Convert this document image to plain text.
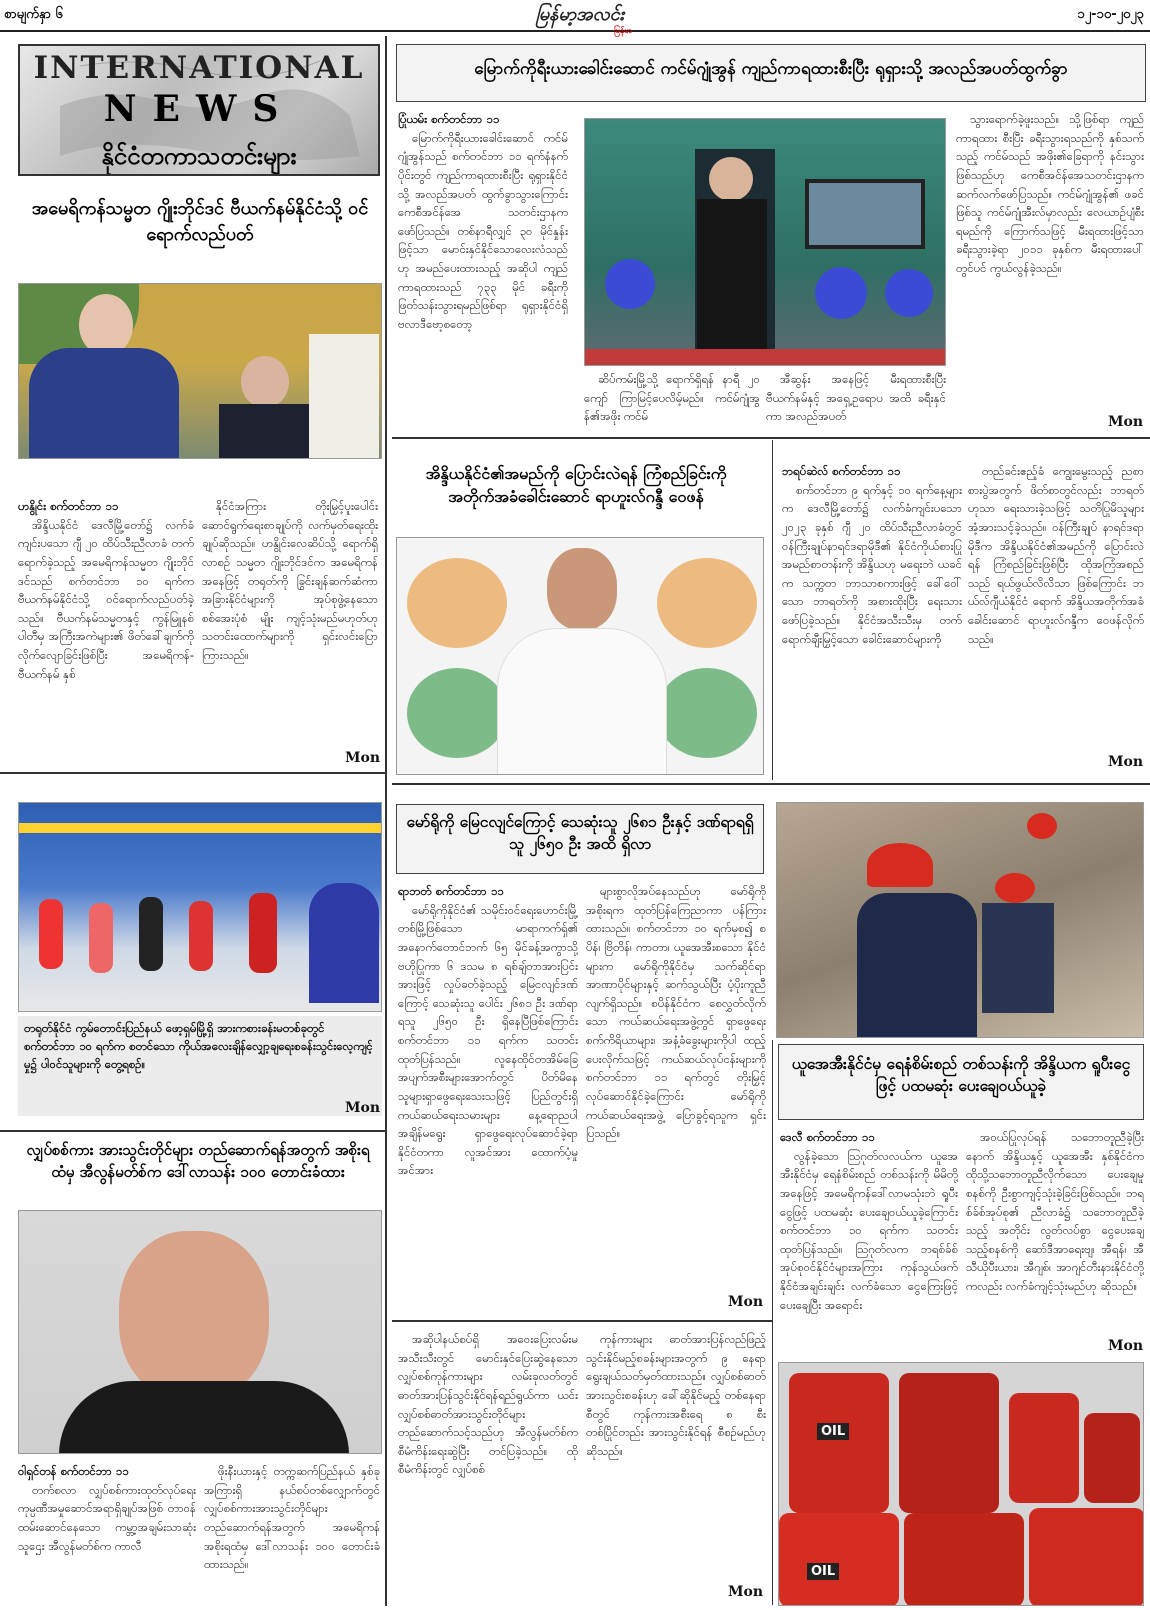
စာမျက်နှာ ၆	မြန်မာ့အလင်း
မြန်မာ
၁၂-၁၀-၂၀၂၃
INTERNATIONAL
NEWS
နိုင်ငံတကာသတင်းများ
မြောက်ကိုရီးယားခေါင်းဆောင် ကင်မ်ဂျုံအွန် ကျည်ကာရထားစီးပြီး ရုရှားသို့ အလည်အပတ်ထွက်ခွာ

ပြုံယမ်း စက်တင်ဘာ ၁၁

မြောက်ကိုရီးယားခေါင်းဆောင် ကင်မ်ဂျုံအွန်သည် စက်တင်ဘာ ၁၁ ရက်နံနက်ပိုင်းတွင် ကျည်ကာရထားစီးပြီး ရုရှားနိုင်ငံသို့ အလည်အပတ် ထွက်ခွာသွားကြောင်း ကေစီအင်န်အေ သတင်းဌာနက ဖော်ပြသည်။ တစ်နာရီလျှင် ၃၀ မိုင်နှုန်းဖြင့်သာ မောင်းနှင်နိုင်သောလေးလံသည်ဟု အမည်ပေးထားသည့် အဆိုပါ ကျည်ကာရထားသည် ၇၃၃ မိုင် ခရီးကို ဖြတ်သန်းသွားရမည်ဖြစ်ရာ ရုရှားနိုင်ငံရှိ ဗလာဒီဗော့စတော့

ဆိပ်ကမ်းမြို့သို့ ရောက်ရှိရန် နာရီ ၂၀ ကျော် ကြာမြင့်ပေလိမ့်မည်။ ကင်မ်ဂျုံအွန်၏အဖိုး ကင်မ်

အီဆွန်း အနေဖြင့် မီးရထားစီးပြီး ဗီယက်နမ်နှင့် အရှေ့ဥရောပ အထိ ခရီးနှင်ကာ အလည်အပတ်

သွားရောက်ခဲ့ဖူးသည်။ သို့ဖြစ်ရာ ကျည်ကာရထား စီးပြီး ခရီးသွားရသည်ကို နှစ်သက်သည့် ကင်မ်သည် အဖိုး၏ခြေရာကို နင်းသွားဖြစ်သည်ဟု ကေစီအင်န်အေသတင်းဌာနက ဆက်လက်ဖော်ပြသည်။ ကင်မ်ဂျုံအွန်၏ ဖခင်ဖြစ်သူ ကင်မ်ဂျုံအီးလ်မှာလည်း လေယာဉ်ပျံစီးရမည်ကို ကြောက်သဖြင့် မီးရထားဖြင့်သာ ခရီးသွားခဲ့ရာ ၂၀၁၁ ခုနှစ်က မီးရထားပေါ်တွင်ပင် ကွယ်လွန်ခဲ့သည်။

Mon
အမေရိကန်သမ္မတ ဂျိုးဘိုင်ဒင် ဗီယက်နမ်နိုင်ငံသို့ ဝင်ရောက်လည်ပတ်

ဟနွိုင်း စက်တင်ဘာ ၁၁

အိန္ဒိယနိုင်ငံ ဒေလီမြို့တော်၌ လက်ခံကျင်းပသော ဂျီ ၂၀ ထိပ်သီးညီလာခံ တက်ရောက်ခဲ့သည့် အမေရိကန်သမ္မတ ဂျိုးဘိုင်ဒင်သည် စက်တင်ဘာ ၁၀ ရက်က ဗီယက်နမ်နိုင်ငံသို့ ဝင်ရောက်လည်ပတ်ခဲ့သည်။ ဗီယက်နမ်သမ္မတနှင့် ကွန်မြူနစ်ပါတီမှ အကြီးအကဲများ၏ ဖိတ်ခေါ်ချက်ကို လိုက်လျောခြင်းဖြစ်ပြီး အမေရိကန်-ဗီယက်နမ် နှစ်

နိုင်ငံအကြား တိုးမြှင့်ပူးပေါင်းဆောင်ရွက်ရေးစာချုပ်ကို လက်မှတ်ရေးထိုးချုပ်ဆိုသည်။ ဟနွိုင်းလေဆိပ်သို့ ရောက်ရှိလာစဉ် သမ္မတ ဂျိုးဘိုင်ဒင်က အမေရိကန်အနေဖြင့် တရုတ်ကို ခြွင်းချန်ဆက်ဆံကာ အခြားနိုင်ငံများကို အုပ်စုဖွဲ့နေသော စစ်အေးပုံစံ မျိုး ကျင့်သုံးမည်မဟုတ်ဟု သတင်းထောက်များကို ရှင်းလင်းပြောကြားသည်။

Mon
အိန္ဒိယနိုင်ငံ၏အမည်ကို ပြောင်းလဲရန် ကြံစည်ခြင်းကို အတိုက်အခံခေါင်းဆောင် ရာဟူးလ်ဂန္ဒီ ဝေဖန်

ဘရပ်ဆဲလ် စက်တင်ဘာ ၁၁

စက်တင်ဘာ ၉ ရက်နှင့် ၁၀ ရက်နေ့များက ဒေလီမြို့တော်၌ လက်ခံကျင်းပသော ၂၀၂၃ ခုနှစ် ဂျီ ၂၀ ထိပ်သီးညီလာခံတွင် ဝန်ကြီးချုပ်နာရင်ဒရာမိုဒီ၏ နိုင်ငံကိုယ်စားပြု အမည်စာတန်းကို အိန္ဒိယဟု မရေးဘဲ ယခင်က သက္ကတ ဘာသာစကားဖြင့် ခေါ်ဝေါ်သော ဘာရတ်ကို အစားထိုးပြီး ရေးသားဖော်ပြခဲ့သည်။ နိုင်ငံအသီးသီးမှ တက်ရောက်ချီးမြှင့်သော ခေါင်းဆောင်များကို

တည်ခင်းဧည့်ခံ ကျွေးမွေးသည့် ညစာစားပွဲအတွက် ဖိတ်စာတွင်လည်း ဘာရတ်ဟုသာ ရေးသားခဲ့သဖြင့် သတိပြုမိသူများ အံ့အားသင့်ခဲ့သည်။ ဝန်ကြီးချုပ် နာရင်ဒရာမိုဒီက အိန္ဒိယနိုင်ငံ၏အမည်ကို ပြောင်းလဲရန် ကြံစည်ခြင်းဖြစ်ပြီး ထိုအကြံအစည်သည် ရယ်ဖွယ်လိလိသာ ဖြစ်ကြောင်း ဘယ်လ်ဂျီယံနိုင်ငံ ရောက် အိန္ဒိယအတိုက်အခံခေါင်းဆောင် ရာဟူးလ်ဂန္ဒီက ဝေဖန်လိုက်သည်။

Mon
တရုတ်နိုင်ငံ ကွမ်တောင်းပြည်နယ် ဖော့ရှမ်မြို့ရှိ အားကစားခန်းမတစ်ခုတွင် စက်တင်ဘာ ၁၀ ရက်က စတင်သော ကိုယ်အလေးချိန်လျှော့ချရေးစခန်းသွင်းလေ့ကျင့်မှု၌ ပါဝင်သူများကို တွေ့ရစဉ်။
Mon
မော်ရိုကို မြေငလျင်ကြောင့် သေဆုံးသူ ၂၆၈၁ ဦးနှင့် ဒဏ်ရာရရှိသူ ၂၆၅၀ ဦး အထိ ရှိလာ

ရာဘတ် စက်တင်ဘာ ၁၁

မော်ရိုကိုနိုင်ငံ၏ သမိုင်းဝင်ရေးဟောင်းမြို့ တစ်မြို့ဖြစ်သော မာရာကက်ရှ်၏ အနောက်တောင်ဘက် ၆၅ မိုင်ခန့်အကွာသို့ ဗဟိုပြုကာ ၆ ဒသမ ၈ ရစ်ချ်တာအားပြင်းအားဖြင့် လှုပ်ခတ်ခဲ့သည့် မြေငလျင်ဒဏ်ကြောင့် သေဆုံးသူ ပေါင်း ၂၆၈၁ ဦး ဒဏ်ရာရသူ ၂၆၅၀ ဦး ရှိနေပြီဖြစ်ကြောင်း စက်တင်ဘာ ၁၁ ရက်က သတင်းထုတ်ပြန်သည်။ လူနေထိုင်တအိမ်ခြေ အပျက်အစီးများအောက်တွင် ပိတ်မိနေသူများရှာဖွေရေးသေးသဖြင့် ပြည်တွင်းရှိ ကယ်ဆယ်ရေးသမားများ နေ့ရောညပါ အချိန်မရွေး ရှာဖွေရေးလုပ်ဆောင်ခဲ့ရာ နိုင်ငံတကာ လူအင်အား ထောက်ပံ့မှုအင်အား

များစွာလိုအပ်နေသည်ဟု မော်ရိုကို အစိုးရက ထုတ်ပြန်ကြေညာကာ ပန်ကြားထားသည်။ စက်တင်ဘာ ၁၀ ရက်မှစ၍ စပိန်၊ ဗြိတိန်၊ ကာတာ၊ ယူအေအီးစသော နိုင်ငံများက မော်ရိုကိုနိုင်ငံမှ သက်ဆိုင်ရာအာဏာပိုင်များနှင့် ဆက်သွယ်ပြီး ပံ့ပိုးကူညီလျက်ရှိသည်။ စပိန်နိုင်ငံက စေလွှတ်လိုက်သော ကယ်ဆယ်ရေးအဖွဲ့တွင် ရှာဖွေရေးစက်ကိရိယာများ၊ အနံ့ခံခွေးများကိုပါ ထည့်ပေးလိုက်သဖြင့် ကယ်ဆယ်လုပ်ငန်းများကို စက်တင်ဘာ ၁၁ ရက်တွင် တိုးမြှင့်လုပ်ဆောင်နိုင်ခဲ့ကြောင်း မော်ရိုကို ကယ်ဆယ်ရေးအဖွဲ့ ပြောခွင့်ရသူက ရှင်းပြသည်။

Mon
ယူအေအီးနိုင်ငံမှ ရေနံစိမ်းစည် တစ်သန်းကို အိန္ဒိယက ရူပီးငွေဖြင့် ပထမဆုံး ပေးချေဝယ်ယူခဲ့

ဒေလီ စက်တင်ဘာ ၁၁

လွန်ခဲ့သော သြဂုတ်လလယ်က ယူအေအီးနိုင်ငံမှ ရေနံစိမ်းစည် တစ်သန်းကို မိမိတို့အနေဖြင့် အမေရိကန်ဒေါ်လာမသုံးဘဲ ရူပီးငွေဖြင့် ပထမဆုံး ပေးချေဝယ်ယူခဲ့ကြောင်း စက်တင်ဘာ ၁၀ ရက်က သတင်းထုတ်ပြန်သည်။ သြဂုတ်လက ဘရစ်ခ်စ်အုပ်စုဝင်နိုင်ငံများအကြား ကုန်သွယ်ဖက်နိုင်ငံအချင်းချင်း လက်ခံသော ငွေကြေးဖြင့် ပေးချေပြီး အရောင်း

အဝယ်ပြုလုပ်ရန် သဘောတူညီခဲ့ပြီးနောက် အိန္ဒိယနှင့် ယူအေအီး နှစ်နိုင်ငံက ထိုသို့သဘောတူညီလိုက်သော ပေးချေမှုစနစ်ကို ဦးစွာကျင့်သုံးခဲ့ခြင်းဖြစ်သည်။ ဘရစ်ခ်စ်အုပ်စု၏ ညီလာခံ၌ သဘောတူညီခဲ့သည့် အတိုင်း လွတ်လပ်စွာ ငွေပေးချေသည့်စနစ်ကို ဆော်ဒီအာရေးဗျ၊ အီရန်၊ အီသီယိုပီးယား၊ အီဂျစ်၊ အာဂျင်တီးနားနိုင်ငံတို့ကလည်း လက်ခံကျင့်သုံးမည်ဟု ဆိုသည်။

Mon
OIL
OIL
လျှပ်စစ်ကား အားသွင်းတိုင်များ တည်ဆောက်ရန်အတွက် အစိုးရထံမှ အီလွန်မတ်စ်က ဒေါ်လာသန်း ၁၀၀ တောင်းခံထား

ဝါရှင်တန် စက်တင်ဘာ ၁၁

တက်စလာ လျှပ်စစ်ကားထုတ်လုပ်ရေးကုမ္ပဏီအမှုဆောင်အရာရှိချုပ်အဖြစ် တာဝန်ထမ်းဆောင်နေသော ကမ္ဘာ့အချမ်းသာဆုံးသူဌေး အီလွန်မတ်စ်က ကာလီ

ဖိုးနီးယားနှင့် တက္ကဆက်ပြည်နယ် နှစ်ခုအကြားရှိ နယ်စပ်တစ်လျှောက်တွင် လျှပ်စစ်ကားအားသွင်းတိုင်များ တည်ဆောက်ရန်အတွက် အမေရိကန်အစိုးရထံမှ ဒေါ်လာသန်း ၁၀၀ တောင်းခံထားသည်။

အဆိုပါနယ်စပ်ရှိ အဝေးပြေးလမ်းမအသီးသီးတွင် မောင်းနှင်ပြေးဆွဲနေသောလျှပ်စစ်ကုန်ကားများ လမ်းခုလတ်တွင် ဓာတ်အားပြန်သွင်းနိုင်ရန်ရည်ရွယ်ကာ ယင်း လျှပ်စစ်ဓာတ်အားသွင်းတိုင်များ တည်ဆောက်သင့်သည်ဟု အီလွန်မတ်စ်က စီမံကိန်းရေးဆွဲပြီး တင်ပြခဲ့သည်။ ထိုစီမံကိန်းတွင် လျှပ်စစ်

ကုန်ကားများ ဓာတ်အားပြန်လည်ဖြည့်သွင်းနိုင်မည့်စခန်းများအတွက် ၉ နေရာ ရွေးချယ်သတ်မှတ်ထားသည်။ လျှပ်စစ်ဓာတ်အားသွင်းစခန်းဟု ခေါ်ဆိုနိုင်မည့် တစ်နေရာစီတွင် ကုန်ကားအစီးရေ ၈ စီး တစ်ပြိုင်တည်း အားသွင်းနိုင်ရန် စီစဉ်မည်ဟု ဆိုသည်။

Mon
